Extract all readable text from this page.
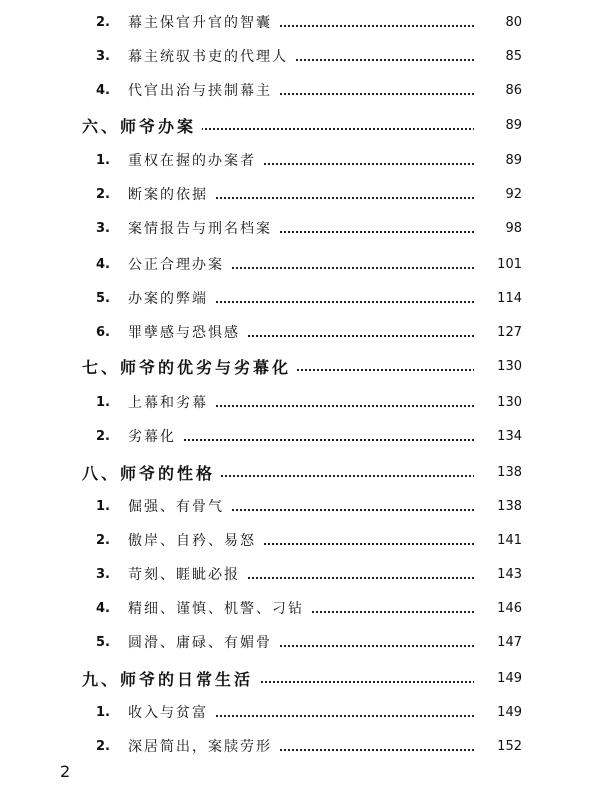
2.	幕主保官升官的智囊	80
3.	幕主统驭书吏的代理人	85
4.	代官出治与挟制幕主	86
六、师爷办案	89
1.	重权在握的办案者	89
2.	断案的依据	92
3.	案情报告与刑名档案	98
4.	公正合理办案	101
5.	办案的弊端	114
6.	罪孽感与恐惧感	127
七、师爷的优劣与劣幕化	130
1.	上幕和劣幕	130
2.	劣幕化	134
八、师爷的性格	138
1.	倔强、有骨气	138
2.	傲岸、自矜、易怒	141
3.	苛刻、睚眦必报	143
4.	精细、谨慎、机警、刁钻	146
5.	圆滑、庸碌、有媚骨	147
九、师爷的日常生活	149
1.	收入与贫富	149
2.	深居简出，案牍劳形	152
2
